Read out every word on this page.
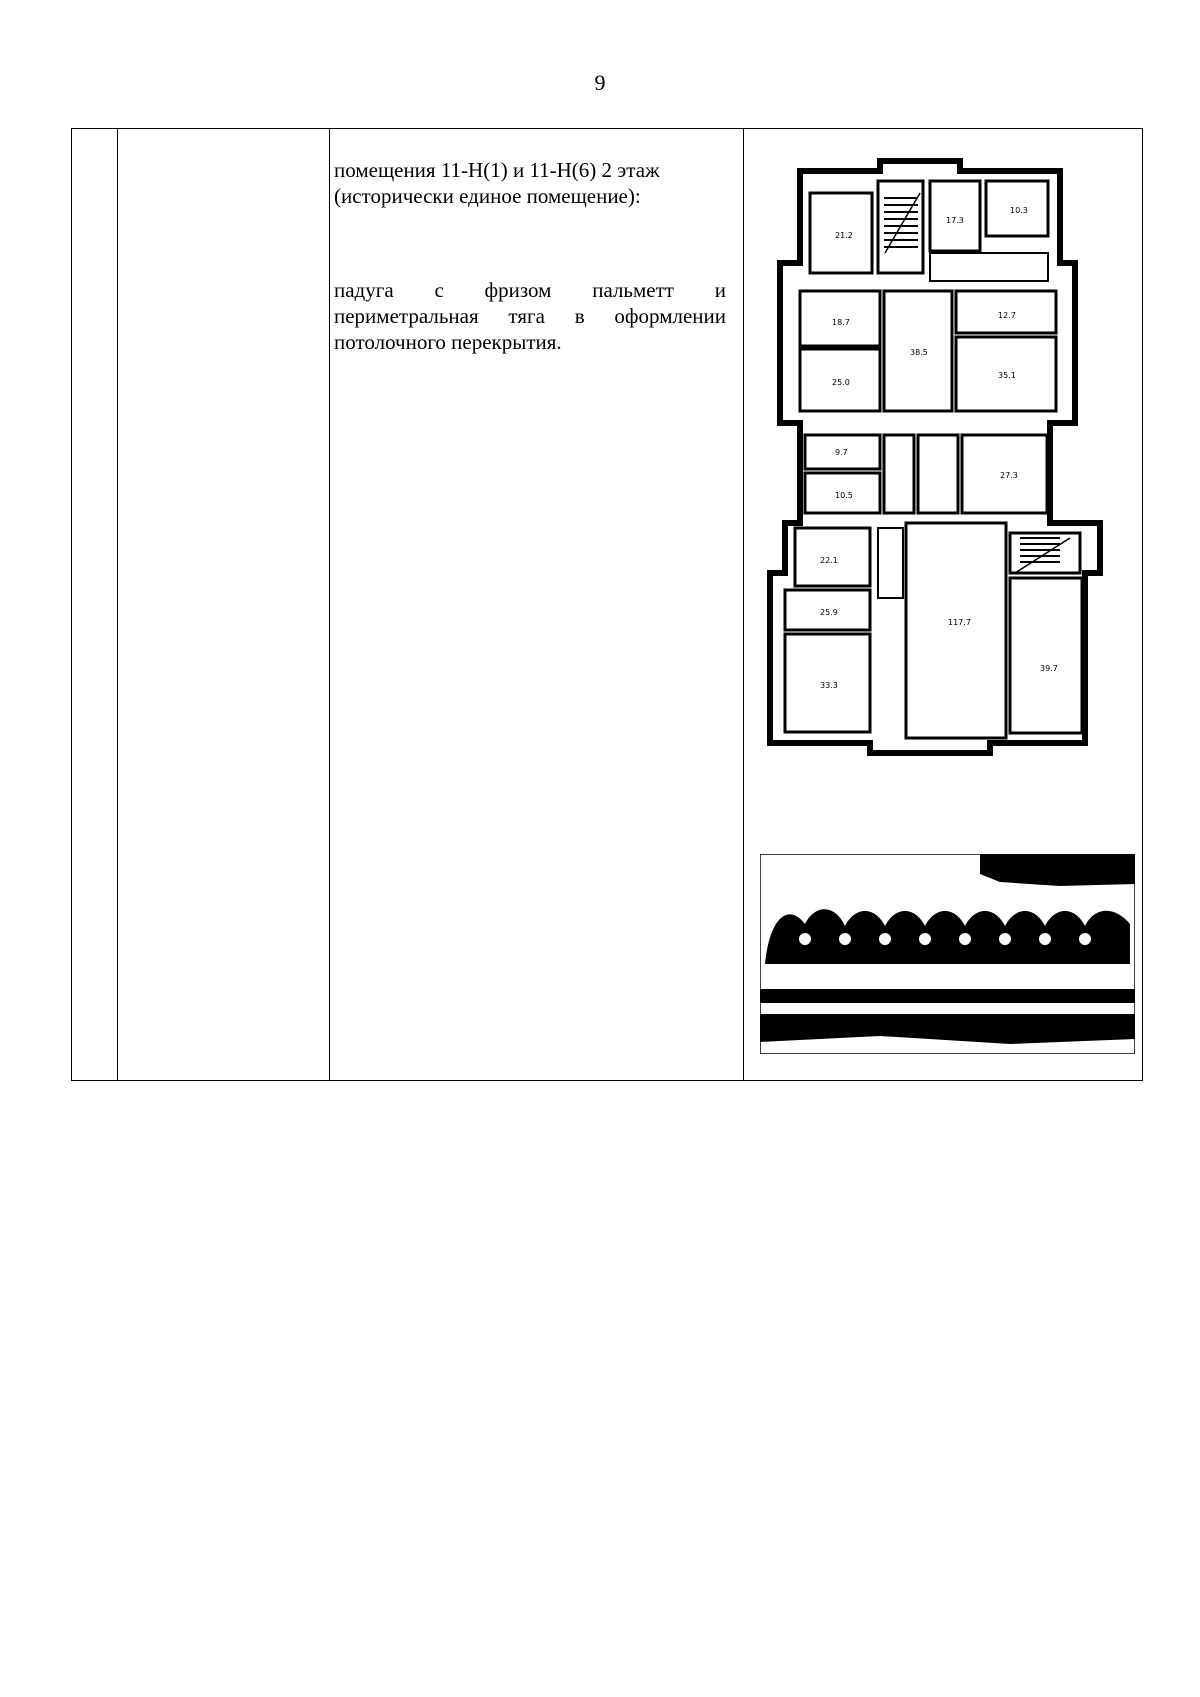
9

помещения 11-Н(1) и 11-Н(6) 2 этаж (исторически единое помещение):

падуга с фризом пальметт и периметральная тяга в оформлении потолочного перекрытия.

21.2
17.3
10.3
18.7
25.0
38.5
12.7
35.1
9.7
10.5
27.3
22.1
25.9
33.3
117.7
39.7
